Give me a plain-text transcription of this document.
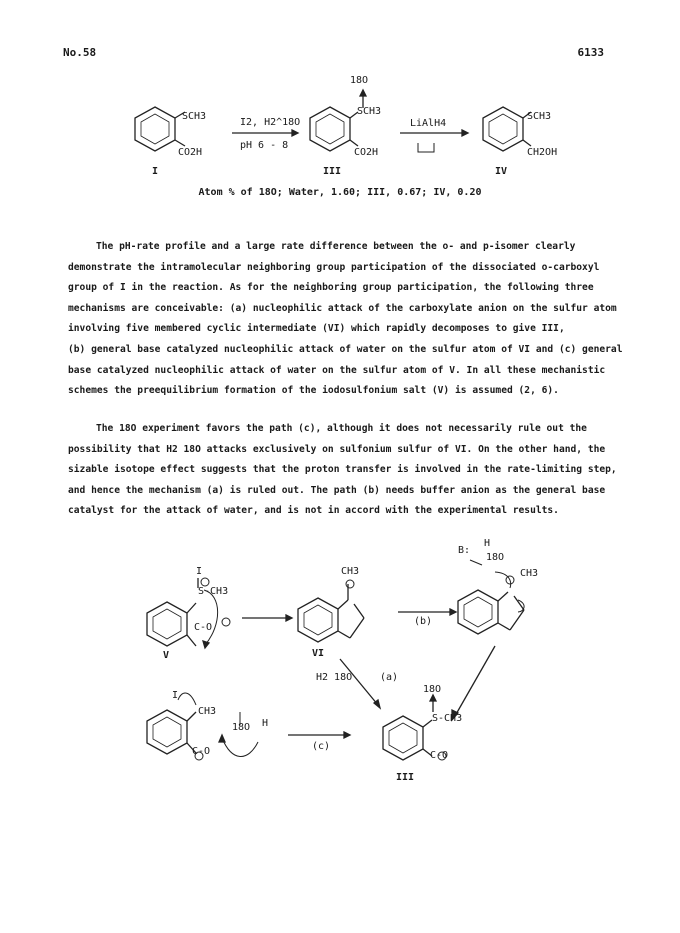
No.58	6133
SCH3
CO2H
I
I2, H2^18O
pH 6 - 8
18O
SCH3
CO2H
III
LiAlH4
SCH3
CH2OH
IV
Atom % of 18O; Water, 1.60; III, 0.67; IV, 0.20
The pH-rate profile and a large rate difference between the o- and p-isomer clearly
demonstrate the intramolecular neighboring group participation of the dissociated o-carboxyl
group of I in the reaction. As for the neighboring group participation, the following three
mechanisms are conceivable: (a) nucleophilic attack of the carboxylate anion on the sulfur atom
involving five membered cyclic intermediate (VI) which rapidly decomposes to give III,
(b) general base catalyzed nucleophilic attack of water on the sulfur atom of VI and (c) general
base catalyzed nucleophilic attack of water on the sulfur atom of V. In all these mechanistic
schemes the preequilibrium formation of the iodosulfonium salt (V) is assumed (2, 6).
The 18O experiment favors the path (c), although it does not necessarily rule out the
possibility that H2 18O attacks exclusively on sulfonium sulfur of VI. On the other hand, the
sizable isotope effect suggests that the proton transfer is involved in the rate-limiting step,
and hence the mechanism (a) is ruled out. The path (b) needs buffer anion as the general base
catalyst for the attack of water, and is not in accord with the experimental results.
I
S-CH3
C-O
V
CH3
VI
(b)
B:
H
18O
CH3
H2 18O	(a)
I
CH3
18O H
C-O	(c)
18O
S-CH3
C-O
III
